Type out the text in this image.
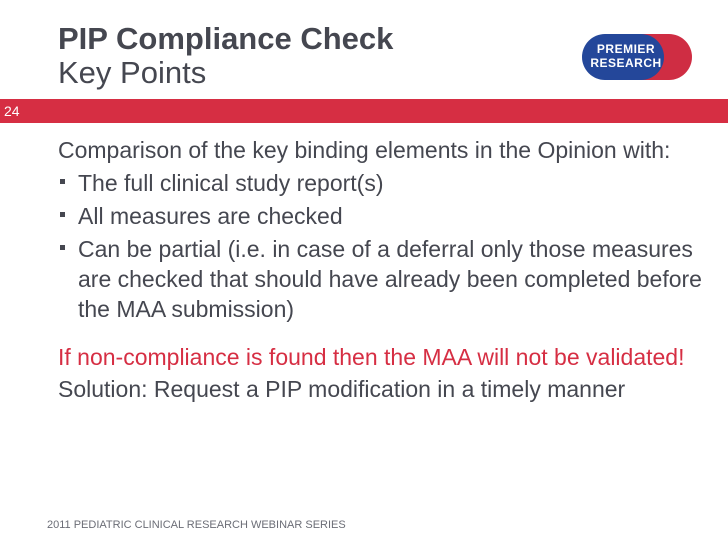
PIP Compliance Check
Key Points
PREMIER
RESEARCH
24

Comparison of the key binding elements in the Opinion with:

The full clinical study report(s)
All measures are checked
Can be partial (i.e. in case of a deferral only those measures are checked that should have already been completed before the MAA submission)

If non-compliance is found then the MAA will not be validated!

Solution: Request a PIP modification in a timely manner

2011 PEDIATRIC CLINICAL RESEARCH WEBINAR SERIES
